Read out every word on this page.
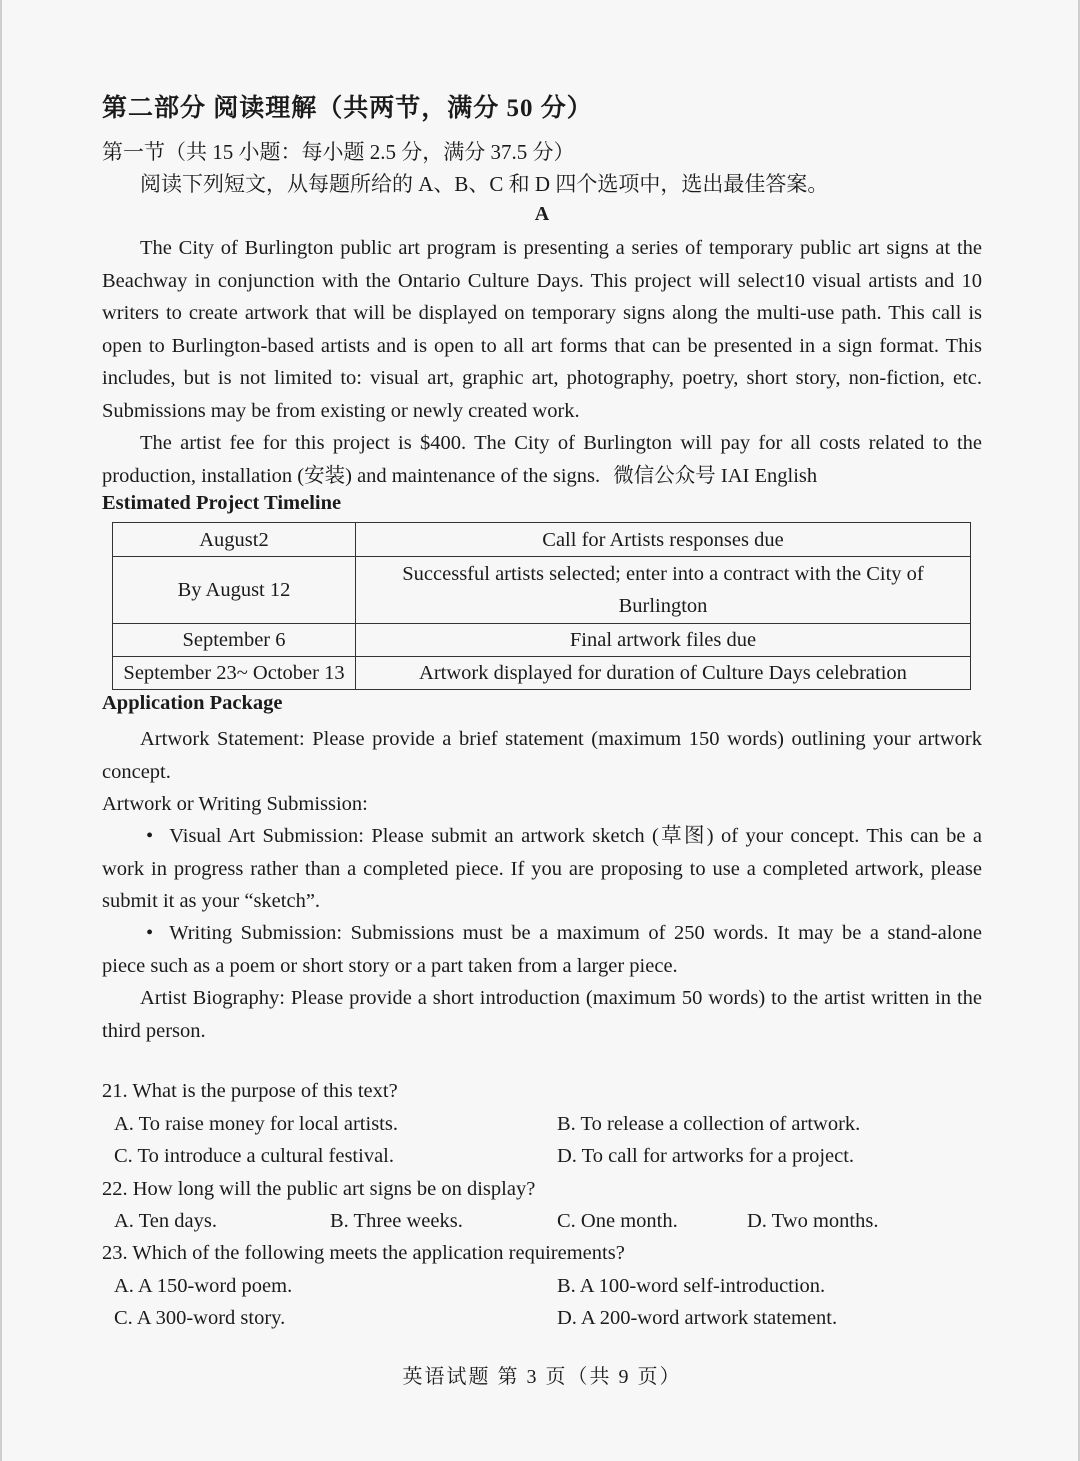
第二部分 阅读理解（共两节，满分 50 分）
第一节（共 15 小题：每小题 2.5 分，满分 37.5 分）
阅读下列短文，从每题所给的 A、B、C 和 D 四个选项中，选出最佳答案。
A
The City of Burlington public art program is presenting a series of temporary public art signs at the Beachway in conjunction with the Ontario Culture Days. This project will select10 visual artists and 10 writers to create artwork that will be displayed on temporary signs along the multi-use path. This call is open to Burlington-based artists and is open to all art forms that can be presented in a sign format. This includes, but is not limited to: visual art, graphic art, photography, poetry, short story, non-fiction, etc. Submissions may be from existing or newly created work.
The artist fee for this project is $400. The City of Burlington will pay for all costs related to the production, installation (安装) and maintenance of the signs. 微信公众号 IAI English
Estimated Project Timeline
August2	Call for Artists responses due
By August 12	Successful artists selected; enter into a contract with the City of Burlington
September 6	Final artwork files due
September 23~ October 13	Artwork displayed for duration of Culture Days celebration
Application Package
Artwork Statement: Please provide a brief statement (maximum 150 words) outlining your artwork concept.
Artwork or Writing Submission:
• Visual Art Submission: Please submit an artwork sketch (草图) of your concept. This can be a work in progress rather than a completed piece. If you are proposing to use a completed artwork, please submit it as your “sketch”.
• Writing Submission: Submissions must be a maximum of 250 words. It may be a stand-alone piece such as a poem or short story or a part taken from a larger piece.
Artist Biography: Please provide a short introduction (maximum 50 words) to the artist written in the third person.
21. What is the purpose of this text?
A. To raise money for local artists.	B. To release a collection of artwork.
C. To introduce a cultural festival.	D. To call for artworks for a project.
22. How long will the public art signs be on display?
A. Ten days.	B. Three weeks.	C. One month.	D. Two months.
23. Which of the following meets the application requirements?
A. A 150-word poem.	B. A 100-word self-introduction.
C. A 300-word story.	D. A 200-word artwork statement.
英语试题 第 3 页（共 9 页）
